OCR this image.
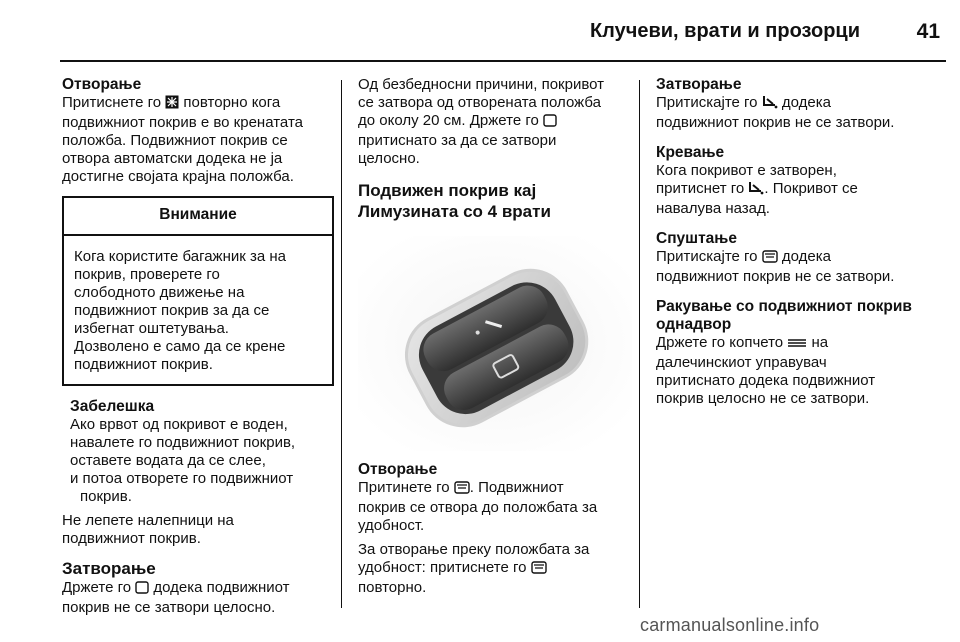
Клучеви, врати и прозорци	41

Отворање

Притиснете го  повторно кога
подвижниот покрив е во кренатата
положба. Подвижниот покрив се
отвора автоматски додека не ја
достигне својата крајна положба.

Внимание

Кога користите багажник за на

покрив, проверете го

слободното движење на

подвижниот покрив за да се

избегнат оштетувања.

Дозволено е само да се крене

подвижниот покрив.

Забелешка

Ако врвот од покривот е воден,

навалете го подвижниот покрив,

оставете водата да се слее,

и потоа отворете го подвижниот

покрив.

Не лепете налепници на

подвижниот покрив.

Затворање

Држете го  додека подвижниот
покрив не се затвори целосно.

Од безбедносни причини, покривот
се затвора од отворената положба
до околу 20 см. Држете го
притиснато за да се затвори
целосно.

Подвижен покрив кај
Лимузината со 4 врати

Отворање

Притинете го . Подвижниот
покрив се отвора до положбата за
удобност.

За отворање преку положбата за
удобност: притиснете го
повторно.

Затворање

Притискајте го  додека
подвижниот покрив не се затвори.

Кревање

Кога покривот е затворен,
притиснет го . Покривот се
навалува назад.

Спуштање

Притискајте го  додека
подвижниот покрив не се затвори.

Ракување со подвижниот покрив
однадвор

Држете го копчето  на
далечинскиот управувач
притиснато додека подвижниот
покрив целосно не се затвори.

carmanualsonline.info
